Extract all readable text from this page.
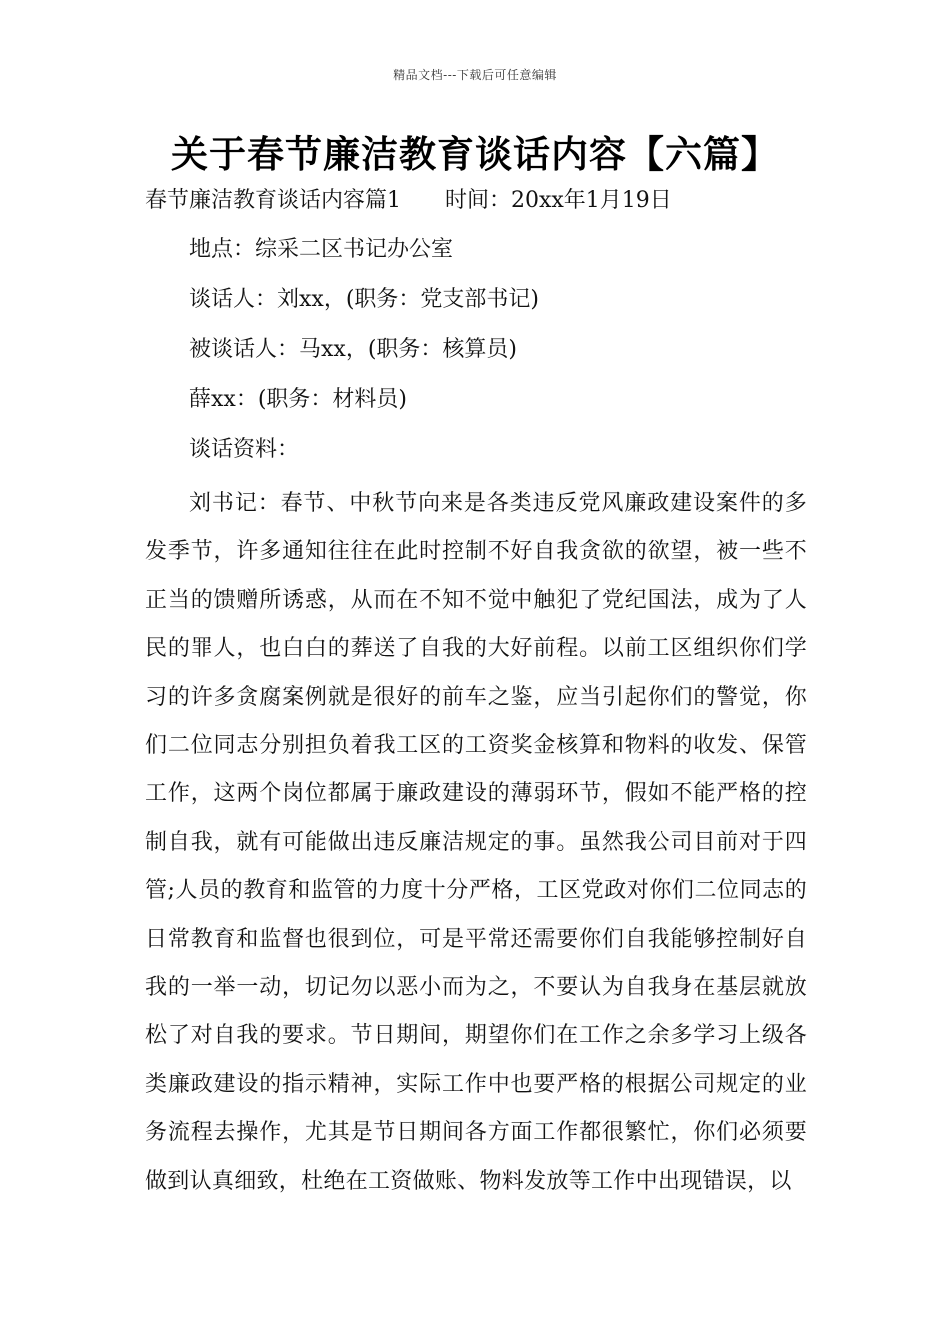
精品文档---下载后可任意编辑
关于春节廉洁教育谈话内容【六篇】
春节廉洁教育谈话内容篇1 时间：20xx年1月19日
地点：综采二区书记办公室
谈话人：刘xx，(职务：党支部书记)
被谈话人：马xx，(职务：核算员)
薛xx：(职务：材料员)
谈话资料：
刘书记：春节、中秋节向来是各类违反党风廉政建设案件的多发季节，许多通知往往在此时控制不好自我贪欲的欲望，被一些不正当的馈赠所诱惑，从而在不知不觉中触犯了党纪国法，成为了人民的罪人，也白白的葬送了自我的大好前程。以前工区组织你们学习的许多贪腐案例就是很好的前车之鉴，应当引起你们的警觉，你们二位同志分别担负着我工区的工资奖金核算和物料的收发、保管工作，这两个岗位都属于廉政建设的薄弱环节，假如不能严格的控制自我，就有可能做出违反廉洁规定的事。虽然我公司目前对于四管;人员的教育和监管的力度十分严格，工区党政对你们二位同志的日常教育和监督也很到位，可是平常还需要你们自我能够控制好自我的一举一动，切记勿以恶小而为之，不要认为自我身在基层就放松了对自我的要求。节日期间，期望你们在工作之余多学习上级各类廉政建设的指示精神，实际工作中也要严格的根据公司规定的业务流程去操作，尤其是节日期间各方面工作都很繁忙，你们必须要做到认真细致，杜绝在工资做账、物料发放等工作中出现错误，以
